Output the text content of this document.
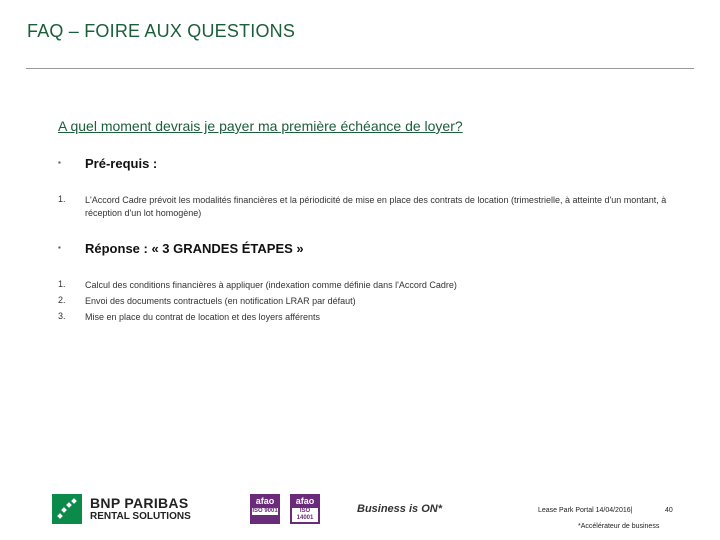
FAQ – FOIRE AUX QUESTIONS
A quel moment devrais je payer ma première échéance de loyer?
▪	Pré-requis :
1.	L'Accord Cadre prévoit les modalités financières et la périodicité de mise en place des contrats de location (trimestrielle, à atteinte d'un montant, à réception d'un lot homogène)
▪	Réponse : « 3 GRANDES ÉTAPES »
1.	Calcul des conditions financières à appliquer (indexation comme définie dans l'Accord Cadre)
2.	Envoi des documents contractuels (en notification LRAR par défaut)
3.	Mise en place du contrat de location et des loyers afférents
BNP PARIBAS
RENTAL SOLUTIONS
afao
ISO 9001
afao
ISO 14001
Business is ON*	Lease Park Portal 14/04/2016|	40
*Accélérateur de business
